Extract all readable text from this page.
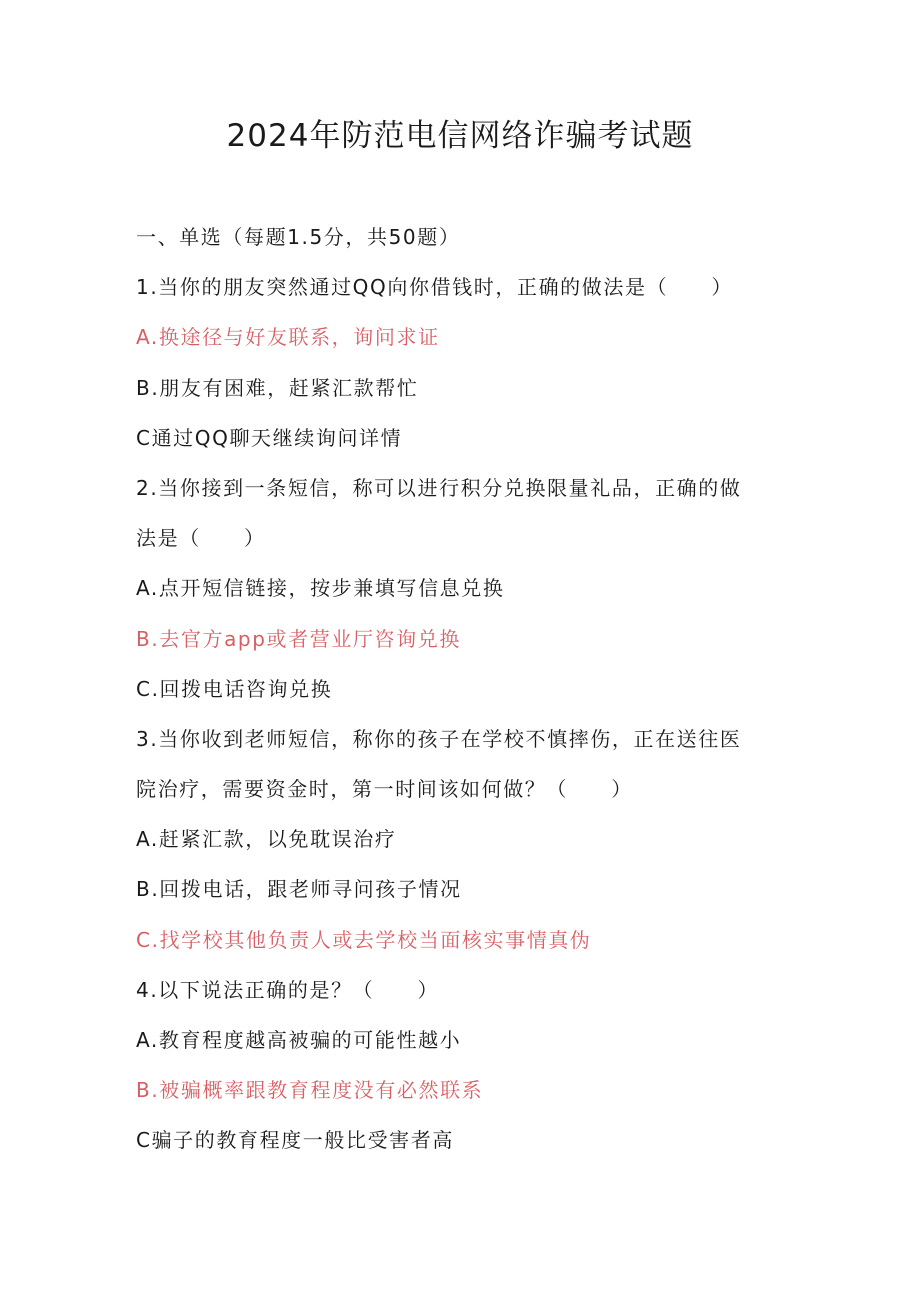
2024年防范电信网络诈骗考试题
一、单选（每题1.5分，共50题）
1.当你的朋友突然通过QQ向你借钱时，正确的做法是（　　）
A.换途径与好友联系，询问求证
B.朋友有困难，赶紧汇款帮忙
C通过QQ聊天继续询问详情
2.当你接到一条短信，称可以进行积分兑换限量礼品，正确的做
法是（　　）
A.点开短信链接，按步兼填写信息兑换
B.去官方app或者营业厅咨询兑换
C.回拨电话咨询兑换
3.当你收到老师短信，称你的孩子在学校不慎摔伤，正在送往医
院治疗，需要资金时，第一时间该如何做？（　　）
A.赶紧汇款，以免耽误治疗
B.回拨电话，跟老师寻问孩子情况
C.找学校其他负责人或去学校当面核实事情真伪
4.以下说法正确的是？（　　）
A.教育程度越高被骗的可能性越小
B.被骗概率跟教育程度没有必然联系
C骗子的教育程度一般比受害者高
